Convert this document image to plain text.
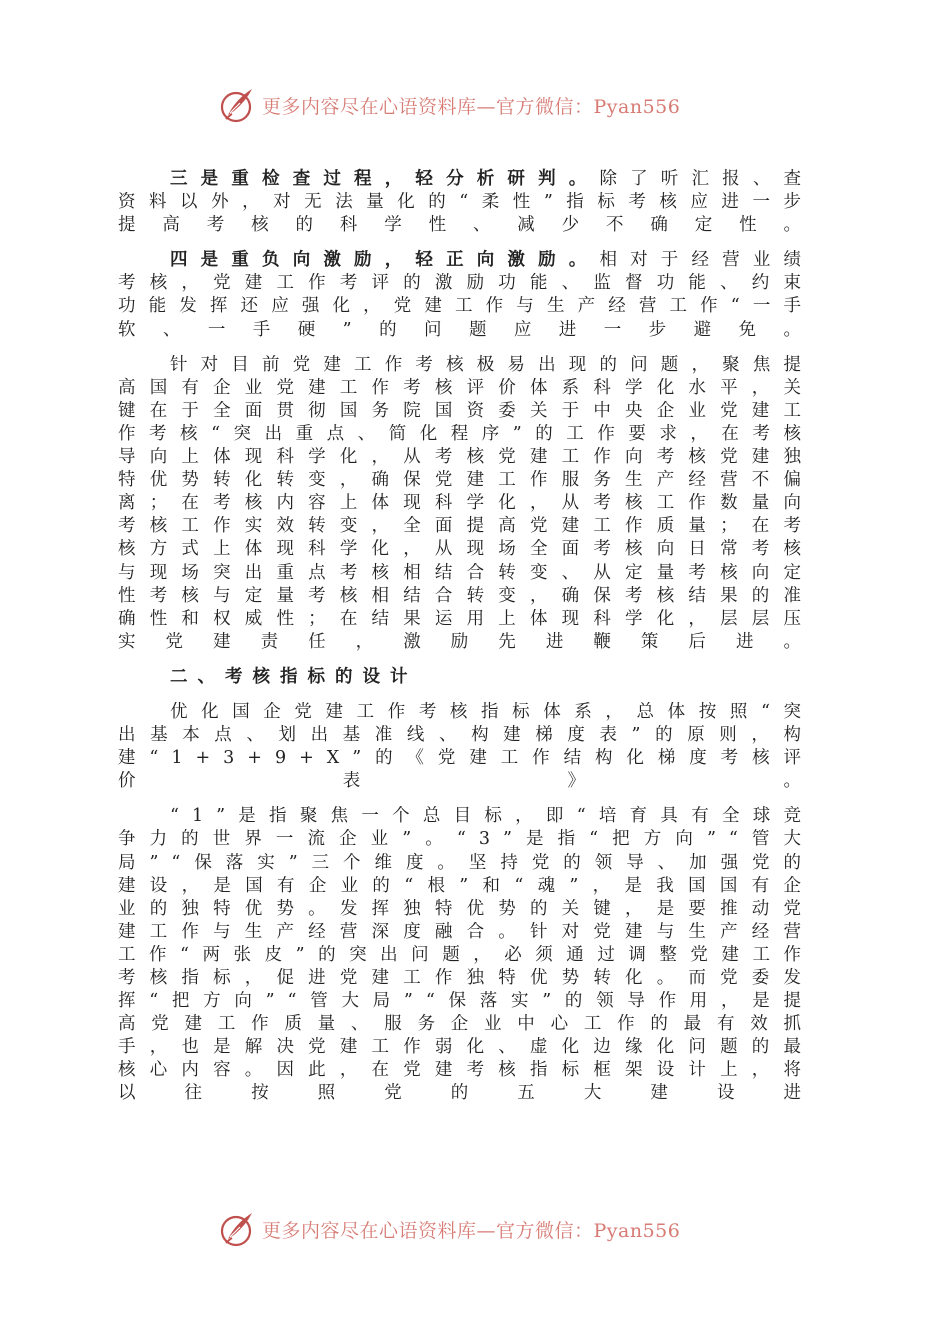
更多内容尽在心语资料库—官方微信：Pyan556

三是重检查过程，轻分析研判。除了听汇报、查资料以外，对无法量化的“柔性”指标考核应进一步提高考核的科学性、减少不确定性。

四是重负向激励，轻正向激励。相对于经营业绩考核，党建工作考评的激励功能、监督功能、约束功能发挥还应强化，党建工作与生产经营工作“一手软、一手硬”的问题应进一步避免。

针对目前党建工作考核极易出现的问题，聚焦提高国有企业党建工作考核评价体系科学化水平，关键在于全面贯彻国务院国资委关于中央企业党建工作考核“突出重点、简化程序”的工作要求，在考核导向上体现科学化，从考核党建工作向考核党建独特优势转化转变，确保党建工作服务生产经营不偏离；在考核内容上体现科学化，从考核工作数量向考核工作实效转变，全面提高党建工作质量；在考核方式上体现科学化，从现场全面考核向日常考核与现场突出重点考核相结合转变、从定量考核向定性考核与定量考核相结合转变，确保考核结果的准确性和权威性；在结果运用上体现科学化，层层压实党建责任，激励先进鞭策后进。

二、考核指标的设计

优化国企党建工作考核指标体系，总体按照“突出基本点、划出基准线、构建梯度表”的原则，构建“1+3+9+X”的《党建工作结构化梯度考核评价表》。

“1”是指聚焦一个总目标，即“培育具有全球竞争力的世界一流企业”。“3”是指“把方向”“管大局”“保落实”三个维度。坚持党的领导、加强党的建设，是国有企业的“根”和“魂”，是我国国有企业的独特优势。发挥独特优势的关键，是要推动党建工作与生产经营深度融合。针对党建与生产经营工作“两张皮”的突出问题，必须通过调整党建工作考核指标，促进党建工作独特优势转化。而党委发挥“把方向”“管大局”“保落实”的领导作用，是提高党建工作质量、服务企业中心工作的最有效抓手，也是解决党建工作弱化、虚化边缘化问题的最核心内容。因此，在党建考核指标框架设计上，将以往按照党的五大建设进

更多内容尽在心语资料库—官方微信：Pyan556
